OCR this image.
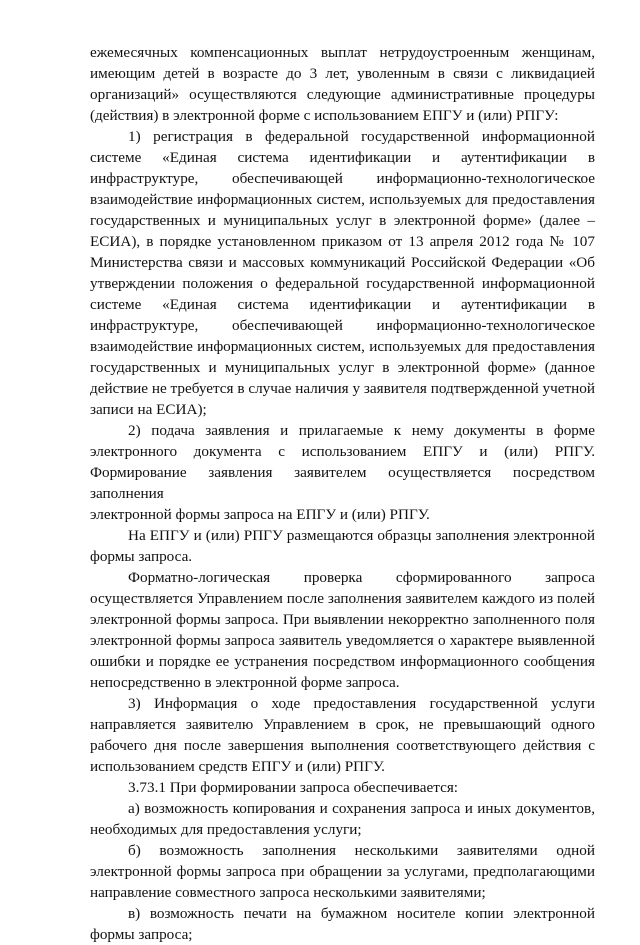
ежемесячных компенсационных выплат нетрудоустроенным женщинам,
имеющим детей в возрасте до 3 лет, уволенным в связи с ликвидацией
организаций» осуществляются следующие административные процедуры
(действия) в электронной форме с использованием ЕПГУ и (или) РПГУ:
1) регистрация в федеральной государственной информационной
системе «Единая система идентификации и аутентификации в
инфраструктуре, обеспечивающей информационно-технологическое
взаимодействие информационных систем, используемых для предоставления
государственных и муниципальных услуг в электронной форме» (далее –
ЕСИА), в порядке установленном приказом от 13 апреля 2012 года № 107
Министерства связи и массовых коммуникаций Российской Федерации «Об
утверждении положения о федеральной государственной информационной
системе «Единая система идентификации и аутентификации в
инфраструктуре, обеспечивающей информационно-технологическое
взаимодействие информационных систем, используемых для предоставления
государственных и муниципальных услуг в электронной форме» (данное
действие не требуется в случае наличия у заявителя подтвержденной учетной
записи на ЕСИА);
2) подача заявления и прилагаемые к нему документы в форме
электронного документа с использованием ЕПГУ и (или) РПГУ.
Формирование заявления заявителем осуществляется посредством заполнения
электронной формы запроса на ЕПГУ и (или) РПГУ.
На ЕПГУ и (или) РПГУ размещаются образцы заполнения электронной
формы запроса.
Форматно-логическая проверка сформированного запроса
осуществляется Управлением после заполнения заявителем каждого из полей
электронной формы запроса. При выявлении некорректно заполненного поля
электронной формы запроса заявитель уведомляется о характере выявленной
ошибки и порядке ее устранения посредством информационного сообщения
непосредственно в электронной форме запроса.
3) Информация о ходе предоставления государственной услуги
направляется заявителю Управлением в срок, не превышающий одного
рабочего дня после завершения выполнения соответствующего действия с
использованием средств ЕПГУ и (или) РПГУ.
3.73.1 При формировании запроса обеспечивается:
а) возможность копирования и сохранения запроса и иных документов,
необходимых для предоставления услуги;
б) возможность заполнения несколькими заявителями одной
электронной формы запроса при обращении за услугами, предполагающими
направление совместного запроса несколькими заявителями;
в) возможность печати на бумажном носителе копии электронной
формы запроса;
